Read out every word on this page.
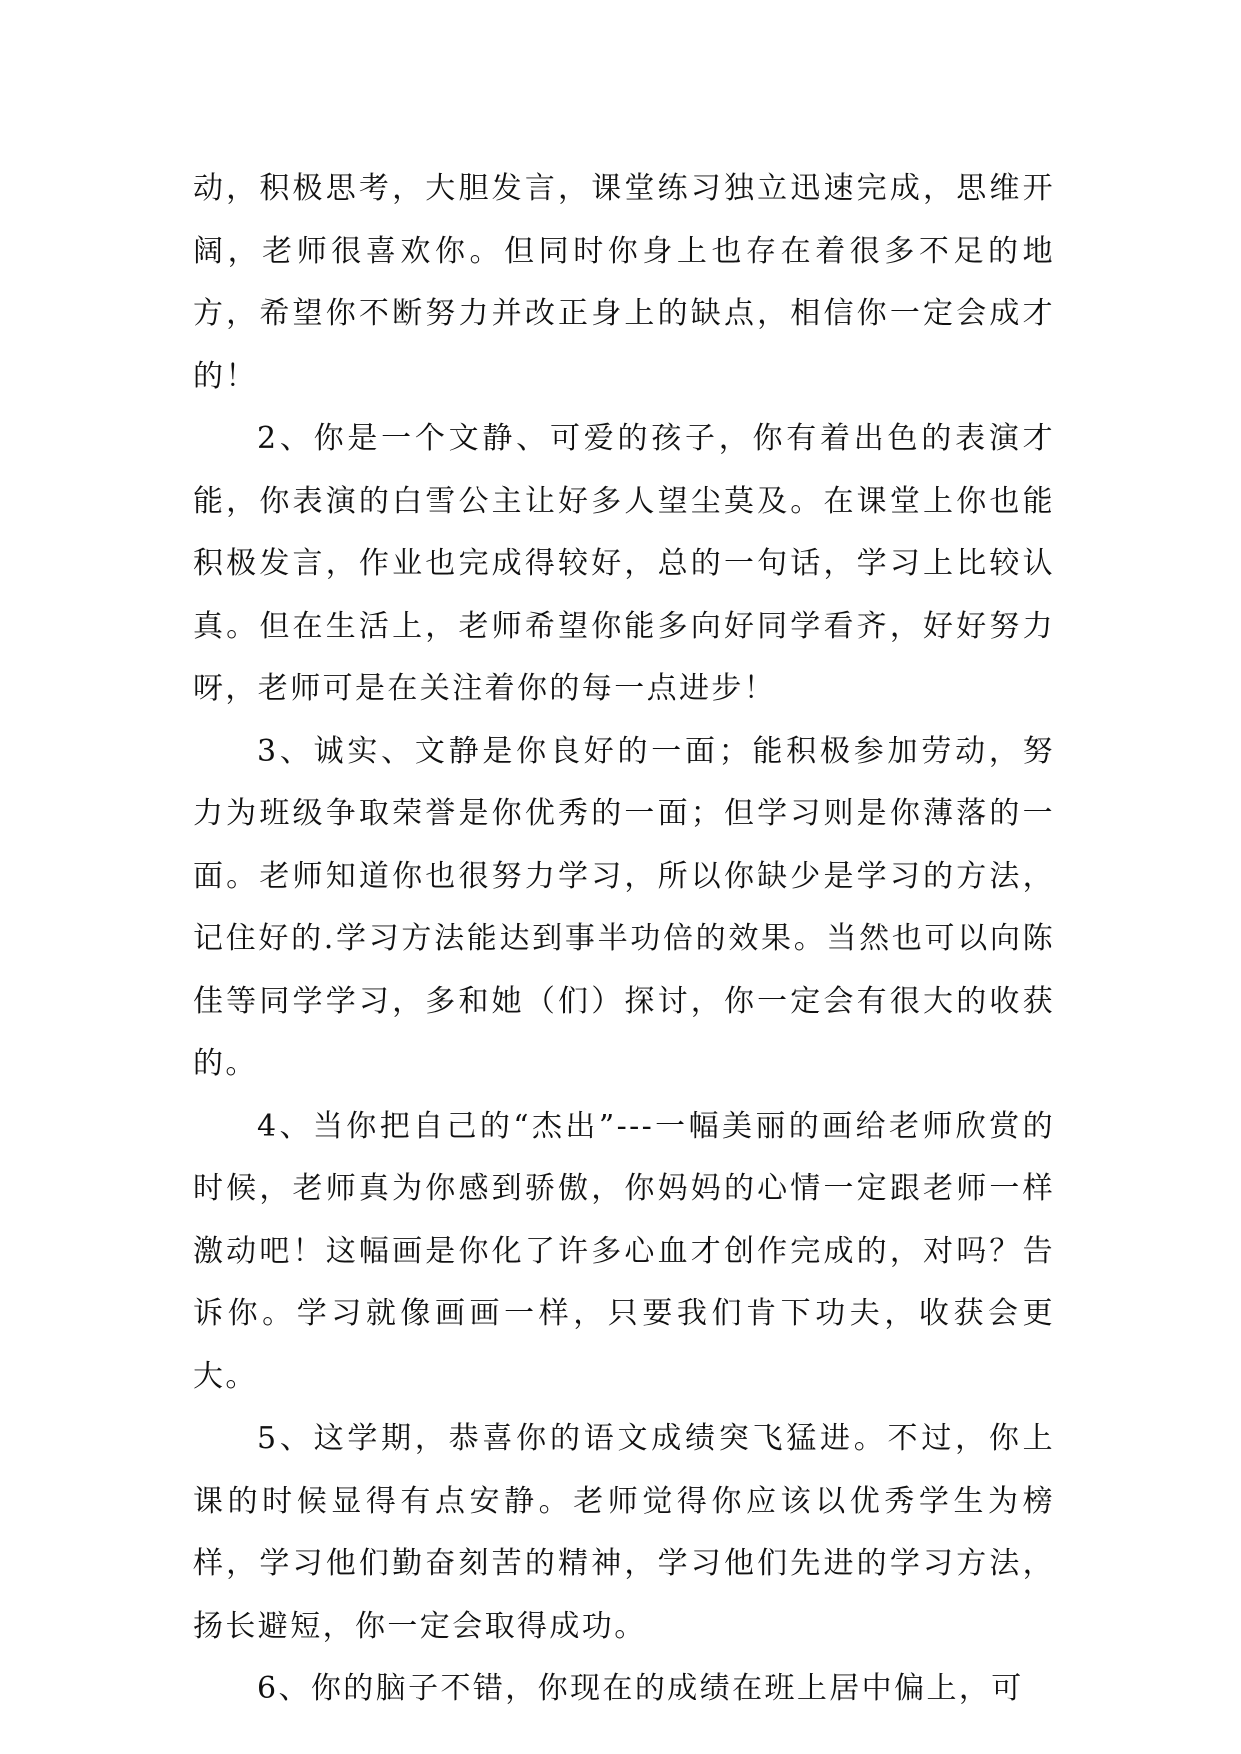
动，积极思考，大胆发言，课堂练习独立迅速完成，思维开阔，老师很喜欢你。但同时你身上也存在着很多不足的地方，希望你不断努力并改正身上的缺点，相信你一定会成才的！

2、你是一个文静、可爱的孩子，你有着出色的表演才能，你表演的白雪公主让好多人望尘莫及。在课堂上你也能积极发言，作业也完成得较好，总的一句话，学习上比较认真。但在生活上，老师希望你能多向好同学看齐，好好努力呀，老师可是在关注着你的每一点进步！

3、诚实、文静是你良好的一面；能积极参加劳动，努力为班级争取荣誉是你优秀的一面；但学习则是你薄落的一面。老师知道你也很努力学习，所以你缺少是学习的方法，记住好的.学习方法能达到事半功倍的效果。当然也可以向陈佳等同学学习，多和她（们）探讨，你一定会有很大的收获的。

4、当你把自己的“杰出”---一幅美丽的画给老师欣赏的时候，老师真为你感到骄傲，你妈妈的心情一定跟老师一样激动吧！这幅画是你化了许多心血才创作完成的，对吗？告诉你。学习就像画画一样，只要我们肯下功夫，收获会更大。

5、这学期，恭喜你的语文成绩突飞猛进。不过，你上课的时候显得有点安静。老师觉得你应该以优秀学生为榜样，学习他们勤奋刻苦的精神，学习他们先进的学习方法，扬长避短，你一定会取得成功。

6、你的脑子不错，你现在的成绩在班上居中偏上，可
